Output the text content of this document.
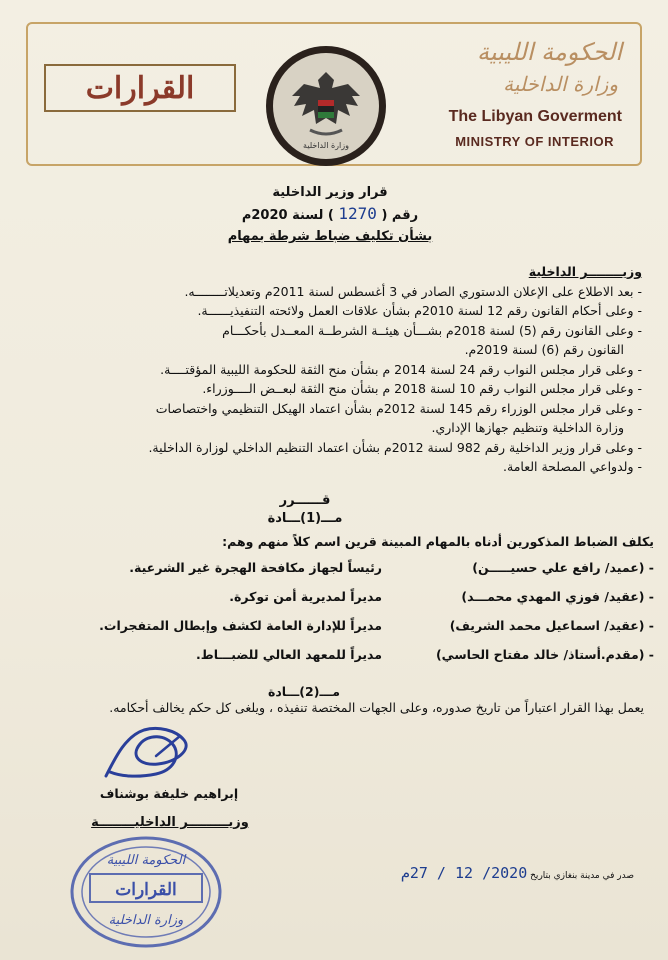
القرارات
وزارة الداخلية
الحكومة الليبية
وزارة الداخلية
The Libyan Goverment
MINISTRY OF INTERIOR
قرار وزير الداخلية
رقم ( 1270 ) لسنة 2020م
بشأن تكليف ضباط شرطة بمهام
وزيــــــــر الداخلية
- بعد الاطلاع على الإعلان الدستوري الصادر في 3 أغسطس لسنة 2011م وتعديلاتــــــــه.
- وعلى أحكام القانون رقم 12 لسنة 2010م بشأن علاقات العمل ولائحته التنفيذيــــــة.
- وعلى القانون رقم (5) لسنة 2018م بشـــأن هيئــة الشرطــة المعــدل بأحكـــام
القانون رقم (6) لسنة 2019م.
- وعلى قرار مجلس النواب رقم 24 لسنة 2014 م بشأن منح الثقة للحكومة الليبية المؤقتــــة.
- وعلى قرار مجلس النواب رقم 10 لسنة 2018 م بشأن منح الثقة لبعــض الــــوزراء.
- وعلى قرار مجلس الوزراء رقم 145 لسنة 2012م بشأن اعتماد الهيكل التنظيمي واختصاصات
وزارة الداخلية وتنظيم جهازها الإداري.
- وعلى قرار وزير الداخلية رقم 982 لسنة 2012م بشأن اعتماد التنظيم الداخلي لوزارة الداخلية.
- ولدواعي المصلحة العامة.
قــــــرر
مـــ(1)ـــادة
يكلف الضباط المذكورين أدناه بالمهام المبينة قرين اسم كلاً منهم وهم:
- (عميد/ رافع علي حسيـــــن)
رئيساً لجهاز مكافحة الهجرة غير الشرعية.
- (عقيد/ فوزي المهدي محمـــد)
مديراً لمديرية أمن توكرة.
- (عقيد/ اسماعيل محمد الشريف)
مديراً للإدارة العامة لكشف وإبطال المتفجرات.
- (مقدم.أستاذ/ خالد مفتاح الحاسي)
مديراً للمعهد العالي للضبـــاط.
مـــ(2)ـــادة
يعمل بهذا القرار اعتباراً من تاريخ صدوره، وعلى الجهات المختصة تنفيذه ، ويلغى كل حكم يخالف أحكامه.
إبراهيم خليفة بوشناف
وزيـــــــــر الداخليــــــــة
الحكومة الليبية
القرارات
وزارة الداخلية
صدر في مدينة بنغازي بتاريخ 2020/ 12 / 27م
